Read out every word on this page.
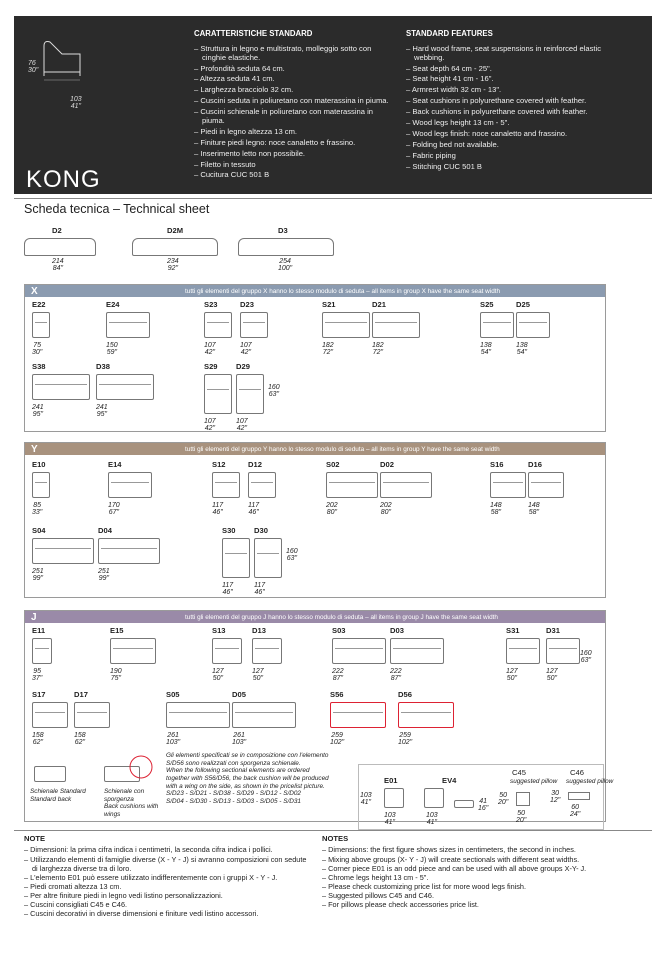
76
30"
103
41"
KONG
CARATTERISTICHE STANDARD
– Struttura in legno e multistrato, molleggio sotto con cinghie elastiche.
– Profondità seduta 64 cm.
– Altezza seduta 41 cm.
– Larghezza bracciolo 32 cm.
– Cuscini seduta in poliuretano con materassina in piuma.
– Cuscini schienale in poliuretano con materassina in piuma.
– Piedi in legno altezza 13 cm.
– Finiture piedi legno: noce canaletto e frassino.
– Inserimento letto non possibile.
– Filetto in tessuto
– Cucitura CUC 501 B
STANDARD FEATURES
– Hard wood frame, seat suspensions in reinforced elastic webbing.
– Seat depth 64 cm - 25".
– Seat height 41 cm - 16".
– Armrest width 32 cm - 13".
– Seat cushions in polyurethane covered with feather.
– Back cushions in polyurethane covered with feather.
– Wood legs height 13 cm - 5".
– Wood legs finish: noce canaletto and frassino.
– Folding bed not available.
– Fabric piping
– Stitching CUC 501 B
Scheda tecnica – Technical sheet
X	tutti gli elementi del gruppo X hanno lo stesso modulo di seduta – all items in group X have the same seat width
Y	tutti gli elementi del gruppo Y hanno lo stesso modulo di seduta – all items in group Y have the same seat width
J	tutti gli elementi del gruppo J hanno lo stesso modulo di seduta – all items in group J have the same seat width
D2
214
84"
D2M
234
92"
D3
254
100"
E22
75
30"
E24
150
59"
S23
107
42"
D23
107
42"
S21
182
72"
D21
182
72"
S25
138
54"
D25
138
54"
S38
241
95"
D38
241
95"
S29
107
42"
D29
107
42"
160
63"
E10
85
33"
E14
170
67"
S12
117
46"
D12
117
46"
S02
202
80"
D02
202
80"
S16
148
58"
D16
148
58"
S04
251
99"
D04
251
99"
S30
117
46"
D30
117
46"
160
63"
E11
95
37"
E15
190
75"
S13
127
50"
D13
127
50"
S03
222
87"
D03
222
87"
S31
127
50"
D31
127
50"
S17
158
62"
D17
158
62"
S05
261
103"
D05
261
103"
S56
259
102"
D56
259
102"
160
63"
Schienale Standard
Standard back
Schienale con sporgenza
Back cushions with wings
Gli elementi specificati se in composizione con l'elemento S/D56 sono realizzati con sporgenza schienale.
When the following sectional elements are ordered together with S56/D56, the back cushion will be produced with a wing on the side, as shown in the pricelist picture.
S/D23 - S/D21 - S/D38 - S/D29 - S/D12 - S/D02
S/D04 - S/D30 - S/D13 - S/D03 - S/D05 - S/D31
E01
103
41"
103
41"
EV4
103
41"
41
16"
C45
suggested pillow
50
20"
50
20"
C46
suggested pillow
30
12"
60
24"
NOTE
– Dimensioni: la prima cifra indica i centimetri, la seconda cifra indica i pollici.
– Utilizzando elementi di famiglie diverse (X - Y - J) si avranno composizioni con sedute di larghezza diverse tra di loro.
– L'elemento E01 può essere utilizzato indifferentemente con i gruppi X - Y - J.
– Piedi cromati altezza 13 cm.
– Per altre finiture piedi in legno vedi listino personalizzazioni.
– Cuscini consigliati C45 e C46.
– Cuscini decorativi in diverse dimensioni e finiture vedi listino accessori.
NOTES
– Dimensions: the first figure shows sizes in centimeters, the second in inches.
– Mixing above groups (X- Y - J) will create sectionals with different seat widths.
– Corner piece E01 is an odd piece and can be used with all above groups X-Y- J.
– Chrome legs height 13 cm - 5".
– Please check customizing price list for more wood legs finish.
– Suggested pillows C45 and C46.
– For pillows please check accessories price list.
